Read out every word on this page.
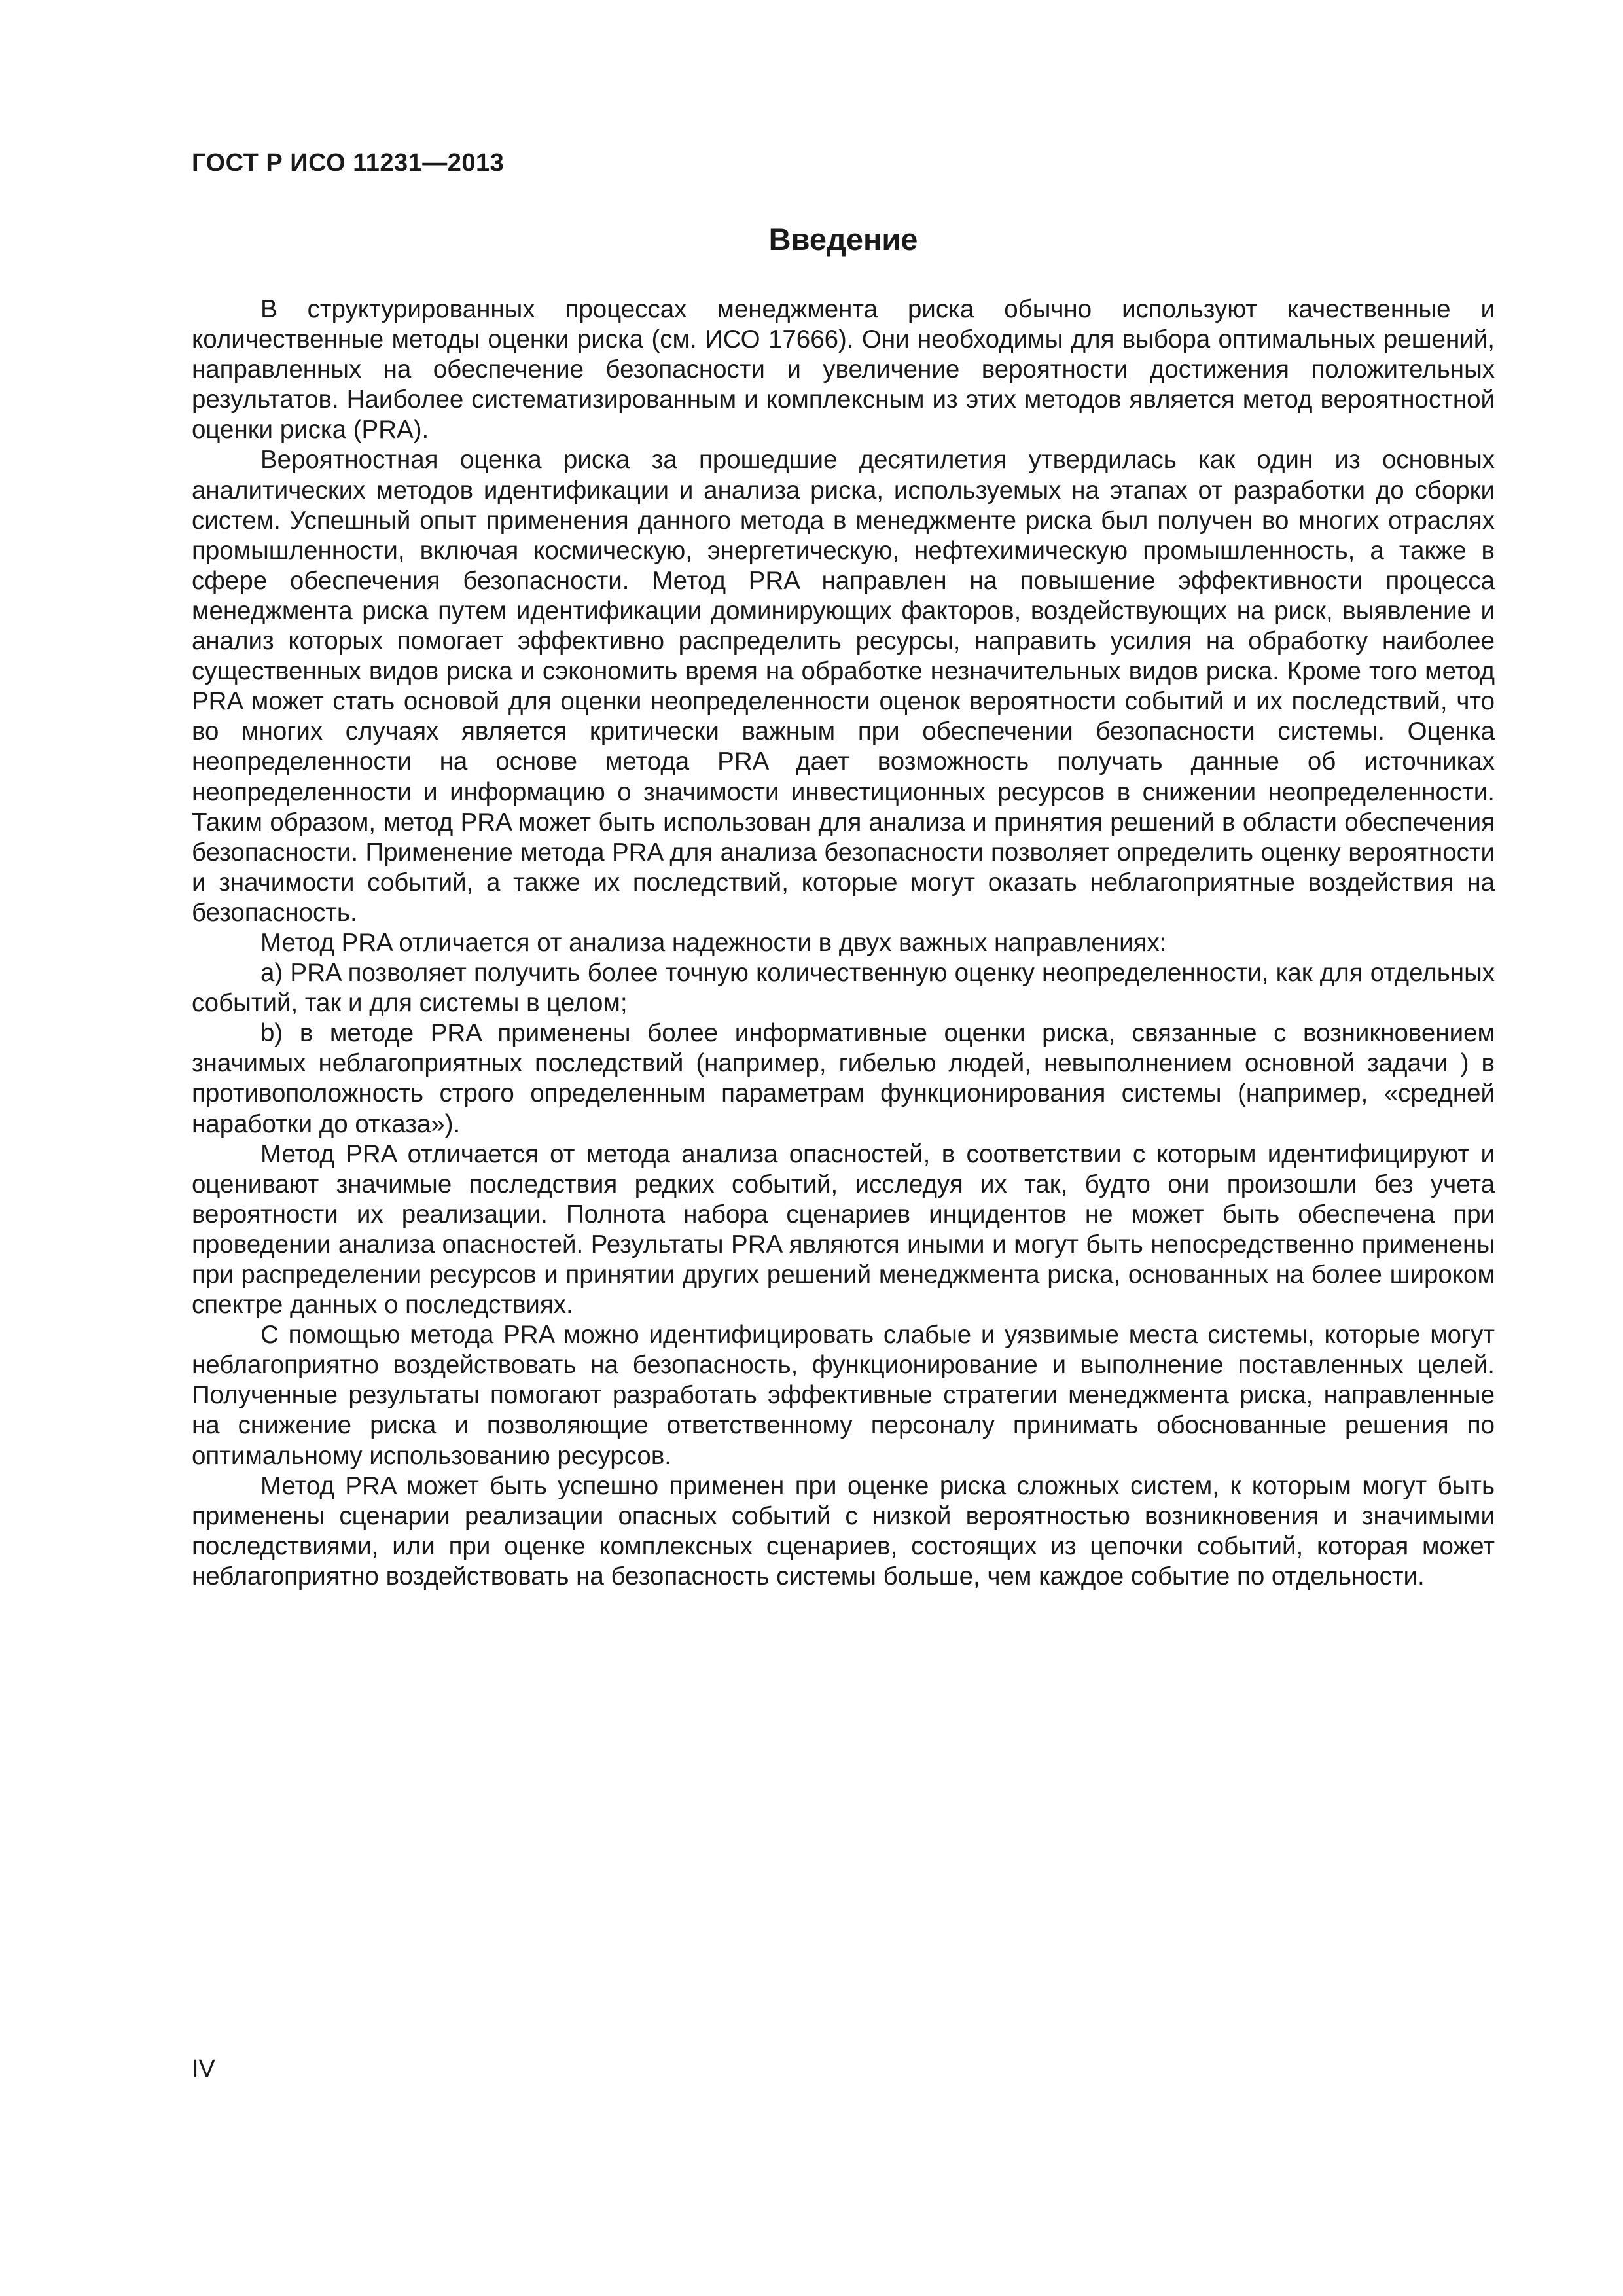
ГОСТ Р ИСО 11231—2013
Введение

В структурированных процессах менеджмента риска обычно используют качественные и количественные методы оценки риска (см. ИСО 17666). Они необходимы для выбора оптимальных решений, направленных на обеспечение безопасности и увеличение вероятности достижения положительных результатов. Наиболее систематизированным и комплексным из этих методов является метод вероятностной оценки риска (PRA).

Вероятностная оценка риска за прошедшие десятилетия утвердилась как один из основных аналитических методов идентификации и анализа риска, используемых на этапах от разработки до сборки систем. Успешный опыт применения данного метода в менеджменте риска был получен во многих отраслях промышленности, включая космическую, энергетическую, нефтехимическую промышленность, а также в сфере обеспечения безопасности. Метод PRA направлен на повышение эффективности процесса менеджмента риска путем идентификации доминирующих факторов, воздействующих на риск, выявление и анализ которых помогает эффективно распределить ресурсы, направить усилия на обработку наиболее существенных видов риска и сэкономить время на обработке незначительных видов риска. Кроме того метод PRA может стать основой для оценки неопределенности оценок вероятности событий и их последствий, что во многих случаях является критически важным при обеспечении безопасности системы. Оценка неопределенности на основе метода PRA дает возможность получать данные об источниках неопределенности и информацию о значимости инвестиционных ресурсов в снижении неопределенности. Таким образом, метод PRA может быть использован для анализа и принятия решений в области обеспечения безопасности. Применение метода PRA для анализа безопасности позволяет определить оценку вероятности и значимости событий, а также их последствий, которые могут оказать неблагоприятные воздействия на безопасность.

Метод PRA отличается от анализа надежности в двух важных направлениях:

a) PRA позволяет получить более точную количественную оценку неопределенности, как для отдельных событий, так и для системы в целом;

b) в методе PRA применены более информативные оценки риска, связанные с возникновением значимых неблагоприятных последствий (например, гибелью людей, невыполнением основной задачи ) в противоположность строго определенным параметрам функционирования системы (например, «средней наработки до отказа»).

Метод PRA отличается от метода анализа опасностей, в соответствии с которым идентифицируют и оценивают значимые последствия редких событий, исследуя их так, будто они произошли без учета вероятности их реализации. Полнота набора сценариев инцидентов не может быть обеспечена при проведении анализа опасностей. Результаты PRA являются иными и могут быть непосредственно применены при распределении ресурсов и принятии других решений менеджмента риска, основанных на более широком спектре данных о последствиях.

С помощью метода PRA можно идентифицировать слабые и уязвимые места системы, которые могут неблагоприятно воздействовать на безопасность, функционирование и выполнение поставленных целей. Полученные результаты помогают разработать эффективные стратегии менеджмента риска, направленные на снижение риска и позволяющие ответственному персоналу принимать обоснованные решения по оптимальному использованию ресурсов.

Метод PRA может быть успешно применен при оценке риска сложных систем, к которым могут быть применены сценарии реализации опасных событий с низкой вероятностью возникновения и значимыми последствиями, или при оценке комплексных сценариев, состоящих из цепочки событий, которая может неблагоприятно воздействовать на безопасность системы больше, чем каждое событие по отдельности.

IV
